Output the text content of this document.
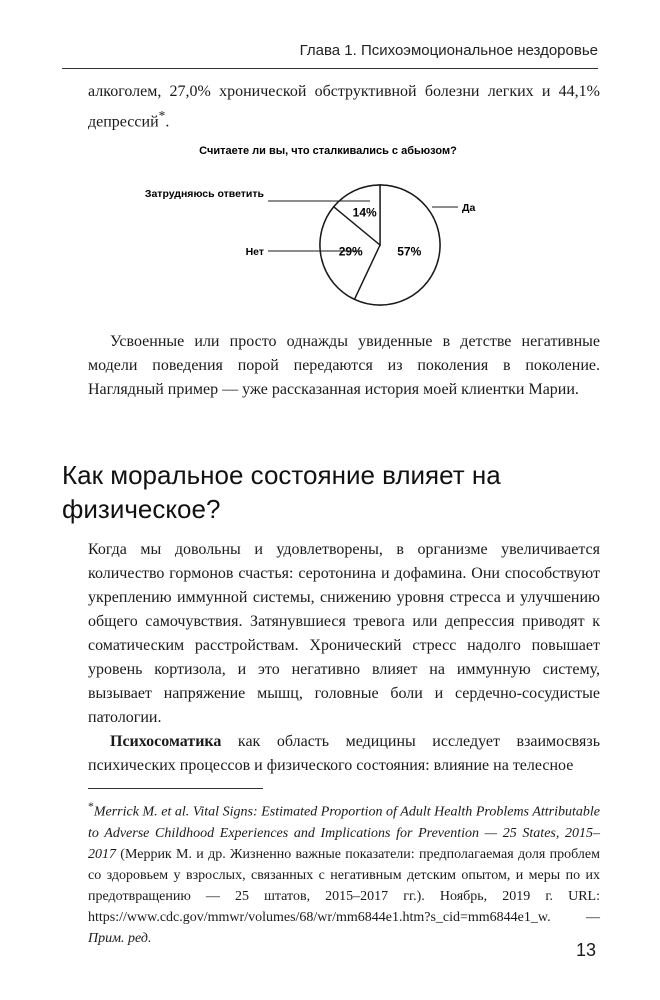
Глава 1. Психоэмоциональное нездоровье

алкоголем, 27,0% хронической обструктивной болезни легких и 44,1% депрессий*.

Считаете ли вы, что сталкивались с абьюзом?
57%
29%
14%	Да
Нет
Затрудняюсь ответить

Усвоенные или просто однажды увиденные в детстве негативные модели поведения порой передаются из поколения в поколение. Наглядный пример — уже рассказанная история моей клиентки Марии.

Как моральное состояние влияет на физическое?

Когда мы довольны и удовлетворены, в организме увеличивается количество гормонов счастья: серотонина и дофамина. Они способствуют укреплению иммунной системы, снижению уровня стресса и улучшению общего самочувствия. Затянувшиеся тревога или депрессия приводят к соматическим расстройствам. Хронический стресс надолго повышает уровень кортизола, и это негативно влияет на иммунную систему, вызывает напряжение мышц, головные боли и сердечно-сосудистые патологии.

Психосоматика как область медицины исследует взаимосвязь психических процессов и физического состояния: влияние на телесное

*Merrick M. et al. Vital Signs: Estimated Proportion of Adult Health Problems Attributable to Adverse Childhood Experiences and Implications for Prevention — 25 States, 2015–2017 (Меррик М. и др. Жизненно важные показатели: предполагаемая доля проблем со здоровьем у взрослых, связанных с негативным детским опытом, и меры по их предотвращению — 25 штатов, 2015–2017 гг.). Ноябрь, 2019 г. URL: https://www.cdc.gov/mmwr/volumes/68/wr/mm6844e1.htm?s_cid=mm6844e1_w. — Прим. ред.

13
